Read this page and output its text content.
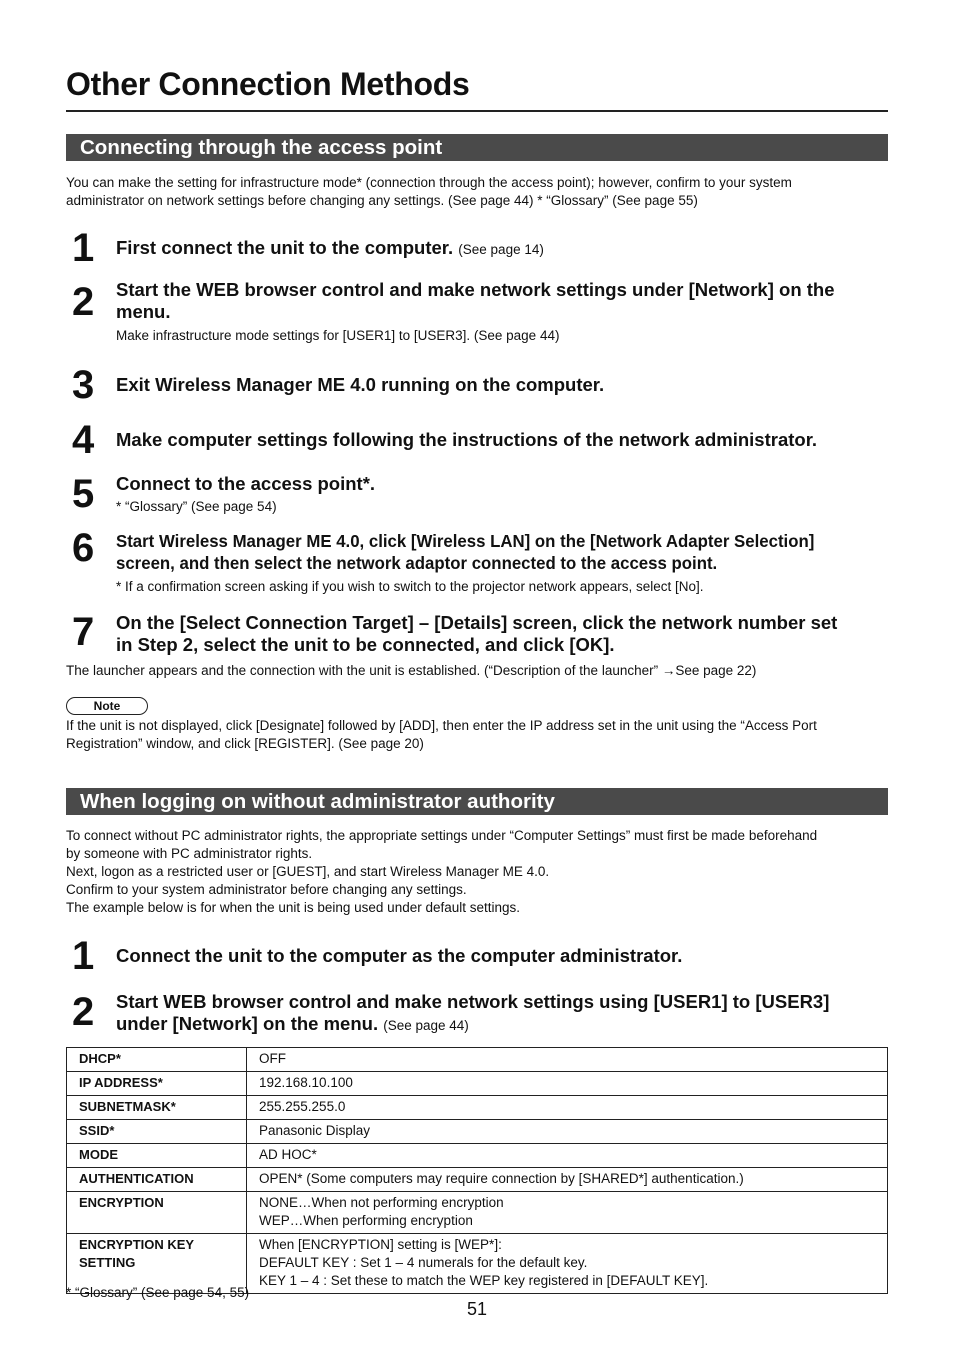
Other Connection Methods
Connecting through the access point
You can make the setting for infrastructure mode* (connection through the access point); however, confirm to your system
administrator on network settings before changing any settings. (See page 44) * “Glossary” (See page 55)
1 First connect the unit to the computer. (See page 14)
2 Start the WEB browser control and make network settings under [Network] on the
menu.
Make infrastructure mode settings for [USER1] to [USER3]. (See page 44)
3 Exit Wireless Manager ME 4.0 running on the computer.
4 Make computer settings following the instructions of the network administrator.
5 Connect to the access point*.
* “Glossary” (See page 54)
6 Start Wireless Manager ME 4.0, click [Wireless LAN] on the [Network Adapter Selection]
screen, and then select the network adaptor connected to the access point.
* If a confirmation screen asking if you wish to switch to the projector network appears, select [No].
7 On the [Select Connection Target] – [Details] screen, click the network number set
in Step 2, select the unit to be connected, and click [OK].
The launcher appears and the connection with the unit is established. (“Description of the launcher” →See page 22)
Note
If the unit is not displayed, click [Designate] followed by [ADD], then enter the IP address set in the unit using the “Access Port
Registration” window, and click [REGISTER]. (See page 20)
When logging on without administrator authority
To connect without PC administrator rights, the appropriate settings under “Computer Settings” must first be made beforehand
by someone with PC administrator rights.
Next, logon as a restricted user or [GUEST], and start Wireless Manager ME 4.0.
Confirm to your system administrator before changing any settings.
The example below is for when the unit is being used under default settings.
1 Connect the unit to the computer as the computer administrator.
2 Start WEB browser control and make network settings using [USER1] to [USER3]
under [Network] on the menu. (See page 44)
DHCP*	OFF
IP ADDRESS*	192.168.10.100
SUBNETMASK*	255.255.255.0
SSID*	Panasonic Display
MODE	AD HOC*
AUTHENTICATION	OPEN* (Some computers may require connection by [SHARED*] authentication.)
ENCRYPTION	NONE…When not performing encryption
WEP…When performing encryption

ENCRYPTION KEY
SETTING	When [ENCRYPTION] setting is [WEP*]:
DEFAULT KEY : Set 1 – 4 numerals for the default key.
KEY 1 – 4 : Set these to match the WEP key registered in [DEFAULT KEY].
* “Glossary” (See page 54, 55)
51
